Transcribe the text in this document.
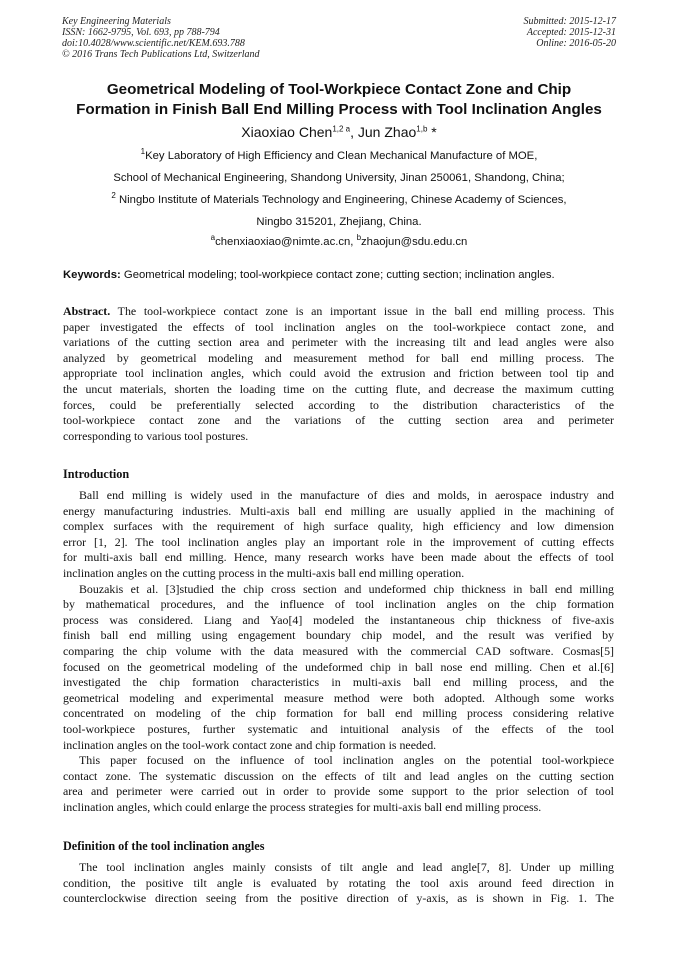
Key Engineering Materials
ISSN: 1662-9795, Vol. 693, pp 788-794
doi:10.4028/www.scientific.net/KEM.693.788
© 2016 Trans Tech Publications Ltd, Switzerland
Submitted: 2015-12-17
Accepted: 2015-12-31
Online: 2016-05-20
Geometrical Modeling of Tool-Workpiece Contact Zone and Chip
Formation in Finish Ball End Milling Process with Tool Inclination Angles
Xiaoxiao Chen$^{1,2 a}$, Jun Zhao$^{1,b}$ *
$^1$Key Laboratory of High Efficiency and Clean Mechanical Manufacture of MOE,
School of Mechanical Engineering, Shandong University, Jinan 250061, Shandong, China;
$^2$ Ningbo Institute of Materials Technology and Engineering, Chinese Academy of Sciences,
Ningbo 315201, Zhejiang, China.
$^a$chenxiaoxiao@nimte.ac.cn, $^b$zhaojun@sdu.edu.cn
Keywords: Geometrical modeling; tool-workpiece contact zone; cutting section; inclination angles.
Abstract. The tool-workpiece contact zone is an important issue in the ball end milling process. This
paper investigated the effects of tool inclination angles on the tool-workpiece contact zone, and
variations of the cutting section area and perimeter with the increasing tilt and lead angles were also
analyzed by geometrical modeling and measurement method for ball end milling process. The
appropriate tool inclination angles, which could avoid the extrusion and friction between tool tip and
the uncut materials, shorten the loading time on the cutting flute, and decrease the maximum cutting
forces, could be preferentially selected according to the distribution characteristics of the
tool-workpiece contact zone and the variations of the cutting section area and perimeter
corresponding to various tool postures.
Introduction
Ball end milling is widely used in the manufacture of dies and molds, in aerospace industry and
energy manufacturing industries. Multi-axis ball end milling are usually applied in the machining of
complex surfaces with the requirement of high surface quality, high efficiency and low dimension
error [1, 2]. The tool inclination angles play an important role in the improvement of cutting effects
for multi-axis ball end milling. Hence, many research works have been made about the effects of tool
inclination angles on the cutting process in the multi-axis ball end milling operation.
Bouzakis et al. [3]studied the chip cross section and undeformed chip thickness in ball end milling
by mathematical procedures, and the influence of tool inclination angles on the chip formation
process was considered. Liang and Yao[4] modeled the instantaneous chip thickness of five-axis
finish ball end milling using engagement boundary chip model, and the result was verified by
comparing the chip volume with the data measured with the commercial CAD software. Cosmas[5]
focused on the geometrical modeling of the undeformed chip in ball nose end milling. Chen et al.[6]
investigated the chip formation characteristics in multi-axis ball end milling process, and the
geometrical modeling and experimental measure method were both adopted. Although some works
concentrated on modeling of the chip formation for ball end milling process considering relative
tool-workpiece postures, further systematic and intuitional analysis of the effects of the tool
inclination angles on the tool-work contact zone and chip formation is needed.
This paper focused on the influence of tool inclination angles on the potential tool-workpiece
contact zone. The systematic discussion on the effects of tilt and lead angles on the cutting section
area and perimeter were carried out in order to provide some support to the prior selection of tool
inclination angles, which could enlarge the process strategies for multi-axis ball end milling process.
Definition of the tool inclination angles
The tool inclination angles mainly consists of tilt angle and lead angle[7, 8]. Under up milling
condition, the positive tilt angle is evaluated by rotating the tool axis around feed direction in
counterclockwise direction seeing from the positive direction of y-axis, as is shown in Fig. 1. The
